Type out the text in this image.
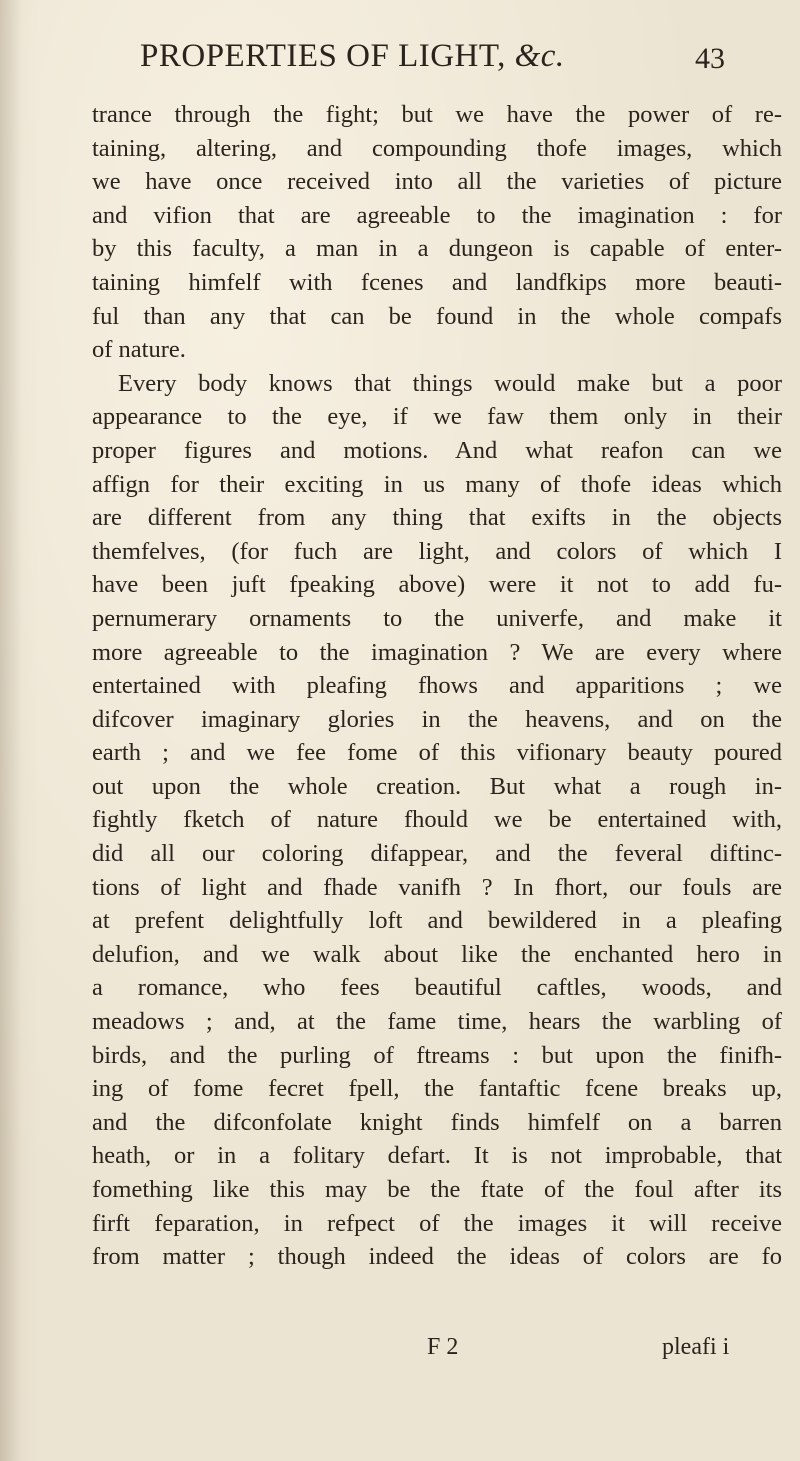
PROPERTIES OF LIGHT, &c.	43
trance through the fight; but we have the power of re-
taining, altering, and compounding thofe images, which
we have once received into all the varieties of picture
and vifion that are agreeable to the imagination : for
by this faculty, a man in a dungeon is capable of enter-
taining himfelf with fcenes and landfkips more beauti-
ful than any that can be found in the whole compafs
of nature.
Every body knows that things would make but a poor
appearance to the eye, if we faw them only in their
proper figures and motions. And what reafon can we
affign for their exciting in us many of thofe ideas which
are different from any thing that exifts in the objects
themfelves, (for fuch are light, and colors of which I
have been juft fpeaking above) were it not to add fu-
pernumerary ornaments to the univerfe, and make it
more agreeable to the imagination ? We are every where
entertained with pleafing fhows and apparitions ; we
difcover imaginary glories in the heavens, and on the
earth ; and we fee fome of this vifionary beauty poured
out upon the whole creation. But what a rough in-
fightly fketch of nature fhould we be entertained with,
did all our coloring difappear, and the feveral diftinc-
tions of light and fhade vanifh ? In fhort, our fouls are
at prefent delightfully loft and bewildered in a pleafing
delufion, and we walk about like the enchanted hero in
a romance, who fees beautiful caftles, woods, and
meadows ; and, at the fame time, hears the warbling of
birds, and the purling of ftreams : but upon the finifh-
ing of fome fecret fpell, the fantaftic fcene breaks up,
and the difconfolate knight finds himfelf on a barren
heath, or in a folitary defart. It is not improbable, that
fomething like this may be the ftate of the foul after its
firft feparation, in refpect of the images it will receive
from matter ; though indeed the ideas of colors are fo
F 2	pleafi i
